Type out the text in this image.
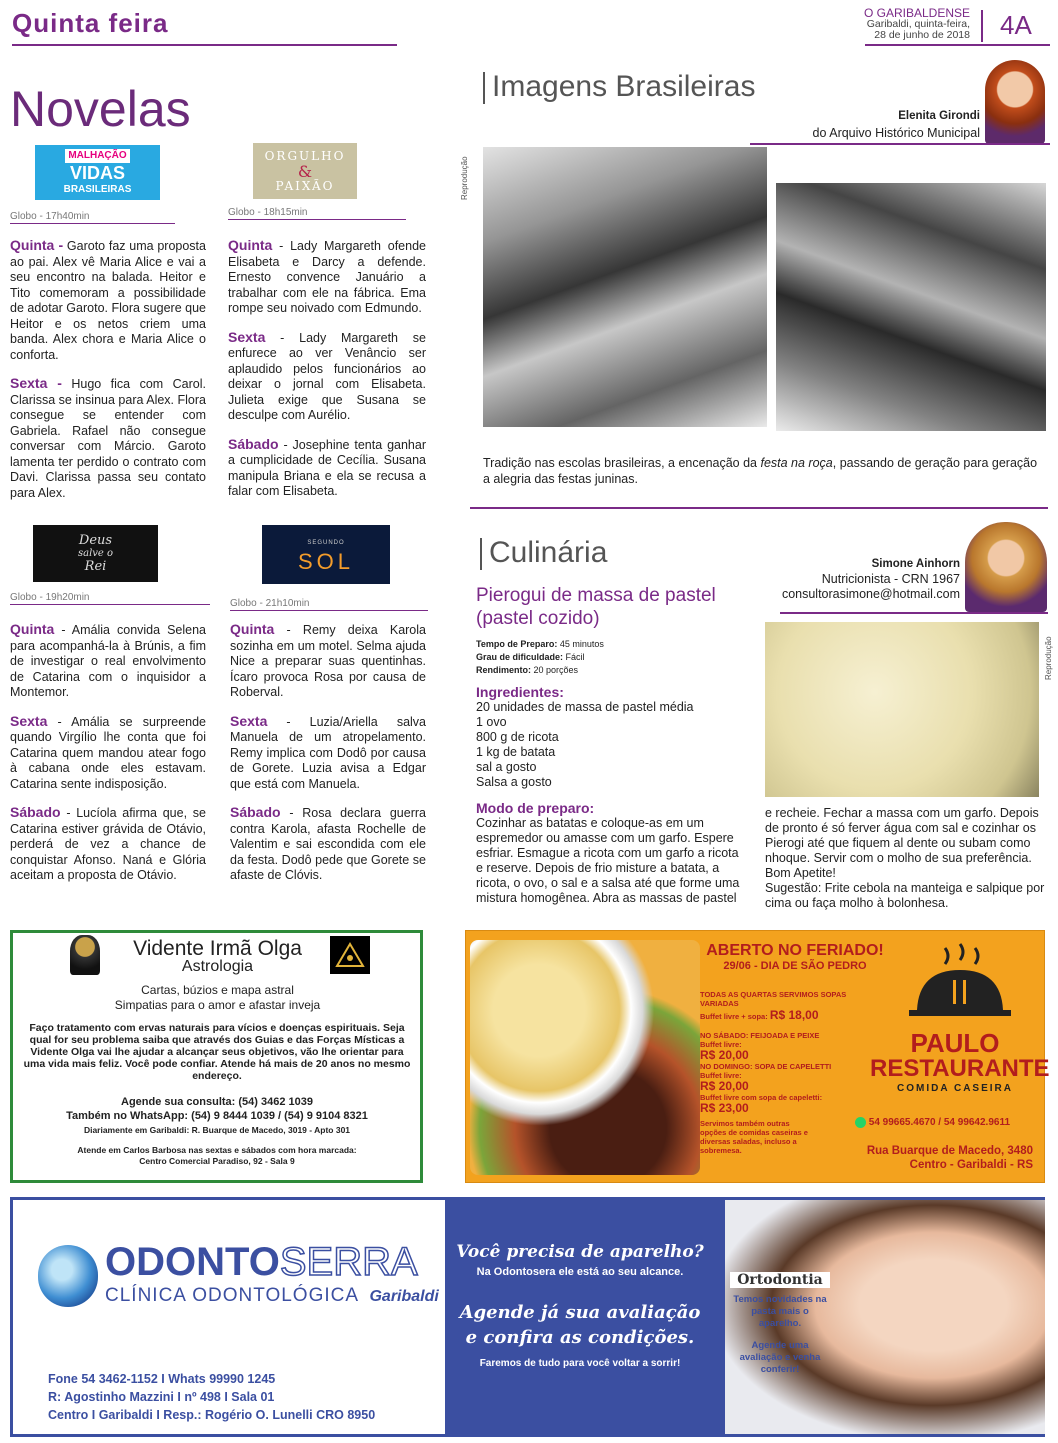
Quinta feira	O GARIBALDENSE
Garibaldi, quinta-feira,
28 de junho de 2018 4A
Novelas
MALHAÇÃO
VIDAS
BRASILEIRAS
ORGULHO
&
PAIXÃO
Globo - 17h40min

Quinta - Garoto faz uma proposta ao pai. Alex vê Maria Alice e vai a seu encontro na balada. Heitor e Tito comemoram a possibilidade de adotar Garoto. Flora sugere que Heitor e os netos criem uma banda. Alex chora e Maria Alice o conforta.

Sexta - Hugo fica com Carol. Clarissa se insinua para Alex. Flora consegue se entender com Gabriela. Rafael não consegue conversar com Márcio. Garoto lamenta ter perdido o contrato com Davi. Clarissa passa seu contato para Alex.

Globo - 18h15min

Quinta - Lady Margareth ofende Elisabeta e Darcy a defende. Ernesto convence Januário a trabalhar com ele na fábrica. Ema rompe seu noivado com Edmundo.

Sexta - Lady Margareth se enfurece ao ver Venâncio ser aplaudido pelos funcionários ao deixar o jornal com Elisabeta. Julieta exige que Susana se desculpe com Aurélio.

Sábado - Josephine tenta ganhar a cumplicidade de Cecília. Susana manipula Briana e ela se recusa a falar com Elisabeta.

Deus
salve o
Rei
SEGUNDO
SOL
Globo - 19h20min

Quinta - Amália convida Selena para acompanhá-la à Brúnis, a fim de investigar o real envolvimento de Catarina com o inquisidor a Montemor.

Sexta - Amália se surpreende quando Virgílio lhe conta que foi Catarina quem mandou atear fogo à cabana onde eles estavam. Catarina sente indisposição.

Sábado - Lucíola afirma que, se Catarina estiver grávida de Otávio, perderá de vez a chance de conquistar Afonso. Naná e Glória aceitam a proposta de Otávio.

Globo - 21h10min

Quinta - Remy deixa Karola sozinha em um motel. Selma ajuda Nice a preparar suas quentinhas. Ícaro provoca Rosa por causa de Roberval.

Sexta - Luzia/Ariella salva Manuela de um atropelamento. Remy implica com Dodô por causa de Gorete. Luzia avisa a Edgar que está com Manuela.

Sábado - Rosa declara guerra contra Karola, afasta Rochelle de Valentim e sai escondida com ele da festa. Dodô pede que Gorete se afaste de Clóvis.

Imagens Brasileiras
Elenita Girondi
do Arquivo Histórico Municipal
Reprodução
Tradição nas escolas brasileiras, a encenação da festa na roça, passando de geração para geração a alegria das festas juninas.
Culinária	Simone Ainhorn
Nutricionista - CRN 1967
consultorasimone@hotmail.com
Pierogui de massa de pastel
(pastel cozido)
Tempo de Preparo: 45 minutos
Grau de dificuldade: Fácil
Rendimento: 20 porções
Ingredientes:
20 unidades de massa de pastel média
1 ovo
800 g de ricota
1 kg de batata
sal a gosto
Salsa a gosto
Modo de preparo:
Cozinhar as batatas e coloque-as em um espremedor ou amasse com um garfo. Espere esfriar. Esmague a ricota com um garfo a ricota e reserve. Depois de frio misture a batata, a ricota, o ovo, o sal e a salsa até que forme uma mistura homogênea. Abra as massas de pastel
Reprodução
e recheie. Fechar a massa com um garfo. Depois de pronto é só ferver água com sal e cozinhar os Pierogi até que fiquem al dente ou subam como nhoque. Servir com o molho de sua preferência. Bom Apetite!
Sugestão: Frite cebola na manteiga e salpique por cima ou faça molho à bolonhesa.
Vidente Irmã Olga
Astrologia
Cartas, búzios e mapa astral
Simpatias para o amor e afastar inveja
Faço tratamento com ervas naturais para vícios e doenças espirituais. Seja qual for seu problema saiba que através dos Guias e das Forças Místicas a Vidente Olga vai lhe ajudar a alcançar seus objetivos, vão lhe orientar para uma vida mais feliz. Você pode confiar. Atende há mais de 20 anos no mesmo endereço.
Agende sua consulta: (54) 3462 1039
Também no WhatsApp: (54) 9 8444 1039 / (54) 9 9104 8321
Diariamente em Garibaldi: R. Buarque de Macedo, 3019 - Apto 301
Atende em Carlos Barbosa nas sextas e sábados com hora marcada:
Centro Comercial Paradiso, 92 - Sala 9
ABERTO NO FERIADO!
29/06 - DIA DE SÃO PEDRO
TODAS AS QUARTAS SERVIMOS SOPAS VARIADAS
Buffet livre + sopa: R$ 18,00
NO SÁBADO: FEIJOADA E PEIXE
Buffet livre:
R$ 20,00
NO DOMINGO: SOPA DE CAPELETTI
Buffet livre:
R$ 20,00
Buffet livre com sopa de capeletti:
R$ 23,00
Servimos também outras opções de comidas caseiras e diversas saladas, incluso a sobremesa.
PAULO
RESTAURANTE
COMIDA CASEIRA
54 99665.4670 / 54 99642.9611
Rua Buarque de Macedo, 3480
Centro - Garibaldi - RS
ODONTOSERRA
CLÍNICA ODONTOLÓGICA Garibaldi
Fone 54 3462-1152 I Whats 99990 1245
R: Agostinho Mazzini I nº 498 I Sala 01
Centro I Garibaldi I Resp.: Rogério O. Lunelli CRO 8950
Você precisa de aparelho?
Na Odontosera ele está ao seu alcance.
Agende já sua avaliação
e confira as condições.
Faremos de tudo para você voltar a sorrir!
Ortodontia
Temos novidades na pasta mais o aparelho.
Agende uma avaliação e venha conferir!
